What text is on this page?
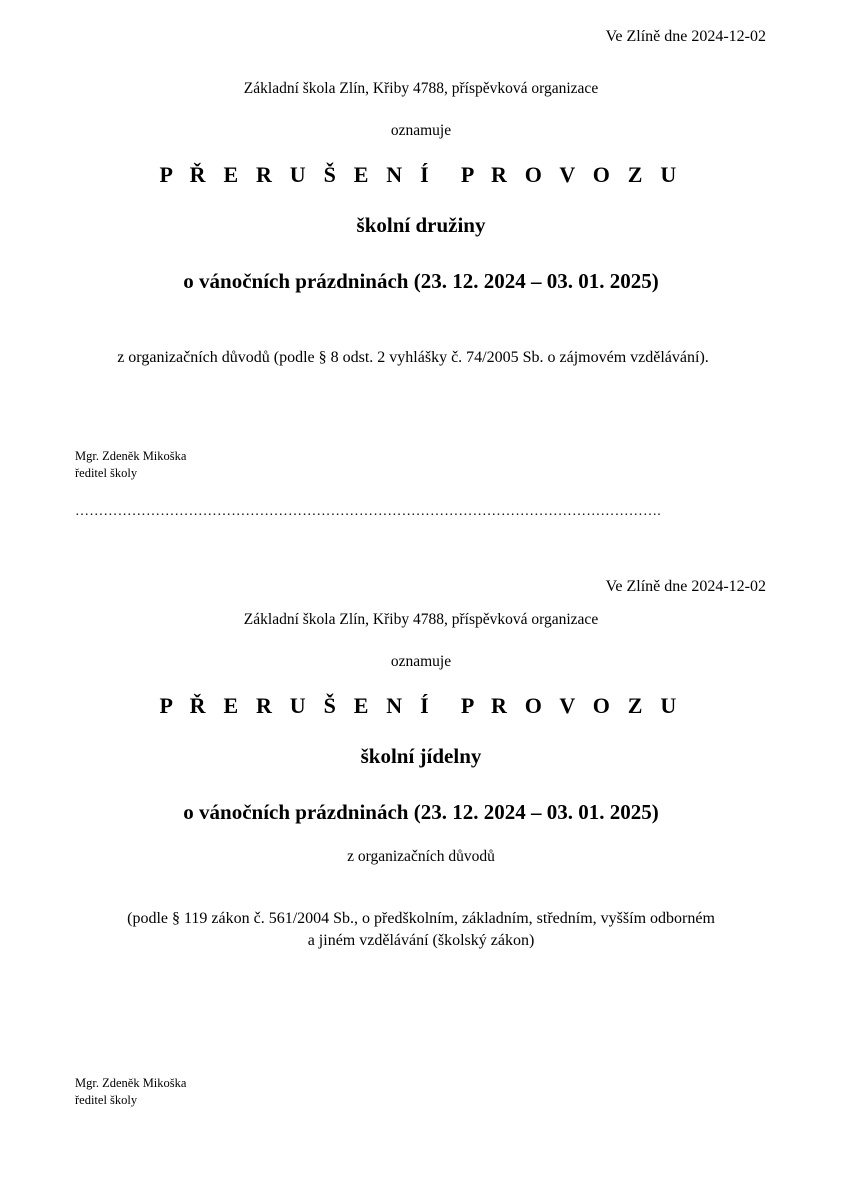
Ve Zlíně dne 2024-12-02
Základní škola Zlín, Křiby 4788, příspěvková organizace
oznamuje
P Ř E R U Š E N Í P R O V O Z U
školní družiny
o vánočních prázdninách (23. 12. 2024 – 03. 01. 2025)
z organizačních důvodů (podle § 8 odst. 2 vyhlášky č. 74/2005 Sb. o zájmovém vzdělávání).
Mgr. Zdeněk Mikoška
ředitel školy
…………………………………………………………………………………………………………….
Ve Zlíně dne 2024-12-02
Základní škola Zlín, Křiby 4788, příspěvková organizace
oznamuje
P Ř E R U Š E N Í P R O V O Z U
školní jídelny
o vánočních prázdninách (23. 12. 2024 – 03. 01. 2025)
z organizačních důvodů
(podle § 119 zákon č. 561/2004 Sb., o předškolním, základním, středním, vyšším odborném
a jiném vzdělávání (školský zákon)
Mgr. Zdeněk Mikoška
ředitel školy
